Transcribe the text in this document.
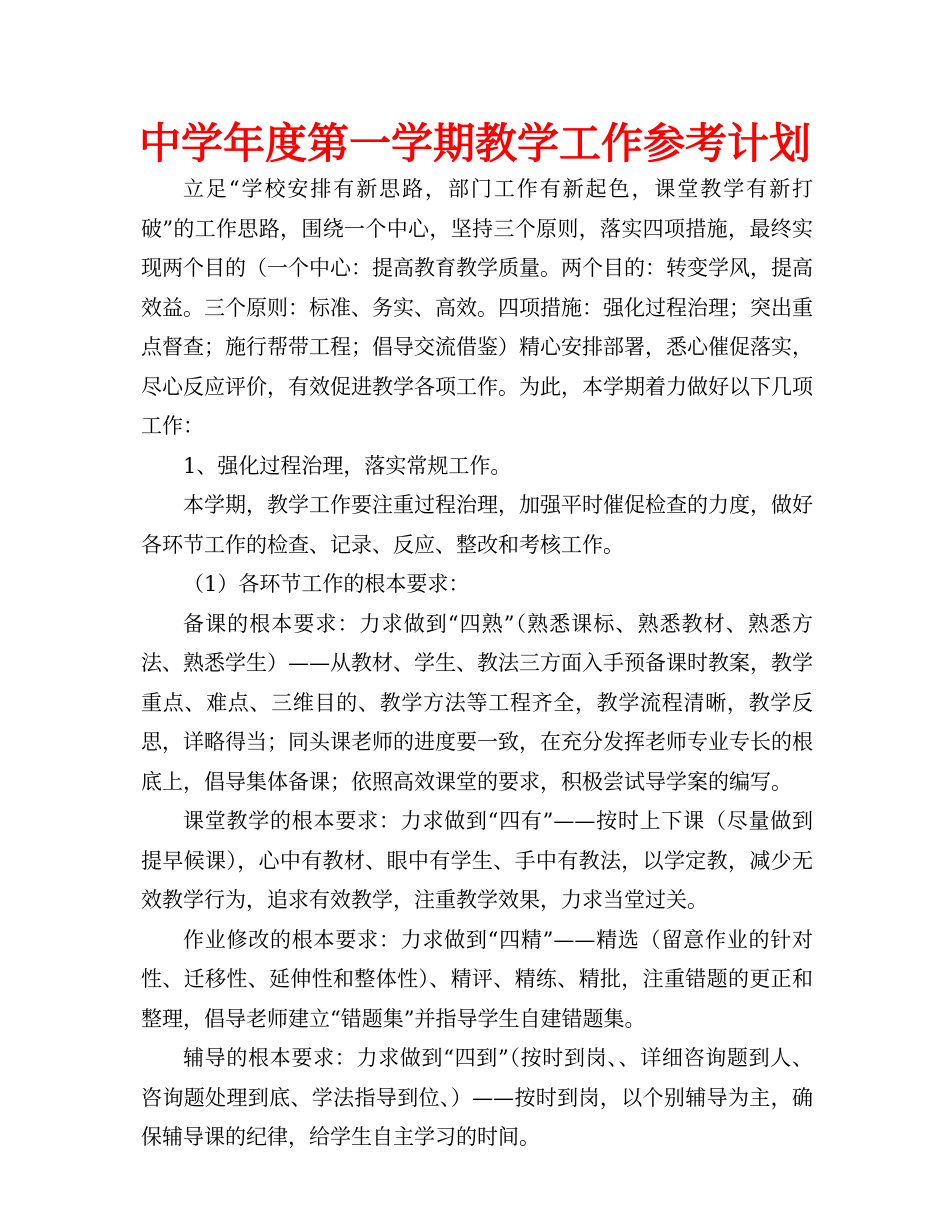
中学年度第一学期教学工作参考计划

立足“学校安排有新思路，部门工作有新起色，课堂教学有新打破”的工作思路，围绕一个中心，坚持三个原则，落实四项措施，最终实现两个目的（一个中心：提高教育教学质量。两个目的：转变学风，提高效益。三个原则：标准、务实、高效。四项措施：强化过程治理；突出重点督查；施行帮带工程；倡导交流借鉴）精心安排部署，悉心催促落实，尽心反应评价，有效促进教学各项工作。为此，本学期着力做好以下几项工作：

1、强化过程治理，落实常规工作。

本学期，教学工作要注重过程治理，加强平时催促检查的力度，做好各环节工作的检查、记录、反应、整改和考核工作。

（1）各环节工作的根本要求：

备课的根本要求：力求做到“四熟”（熟悉课标、熟悉教材、熟悉方法、熟悉学生）——从教材、学生、教法三方面入手预备课时教案，教学重点、难点、三维目的、教学方法等工程齐全，教学流程清晰，教学反思，详略得当；同头课老师的进度要一致，在充分发挥老师专业专长的根底上，倡导集体备课；依照高效课堂的要求，积极尝试导学案的编写。

课堂教学的根本要求：力求做到“四有”——按时上下课（尽量做到提早候课），心中有教材、眼中有学生、手中有教法，以学定教，减少无效教学行为，追求有效教学，注重教学效果，力求当堂过关。

作业修改的根本要求：力求做到“四精”——精选（留意作业的针对性、迁移性、延伸性和整体性）、精评、精练、精批，注重错题的更正和整理，倡导老师建立“错题集”并指导学生自建错题集。

辅导的根本要求：力求做到“四到”（按时到岗、、详细咨询题到人、咨询题处理到底、学法指导到位、）——按时到岗，以个别辅导为主，确保辅导课的纪律，给学生自主学习的时间。
